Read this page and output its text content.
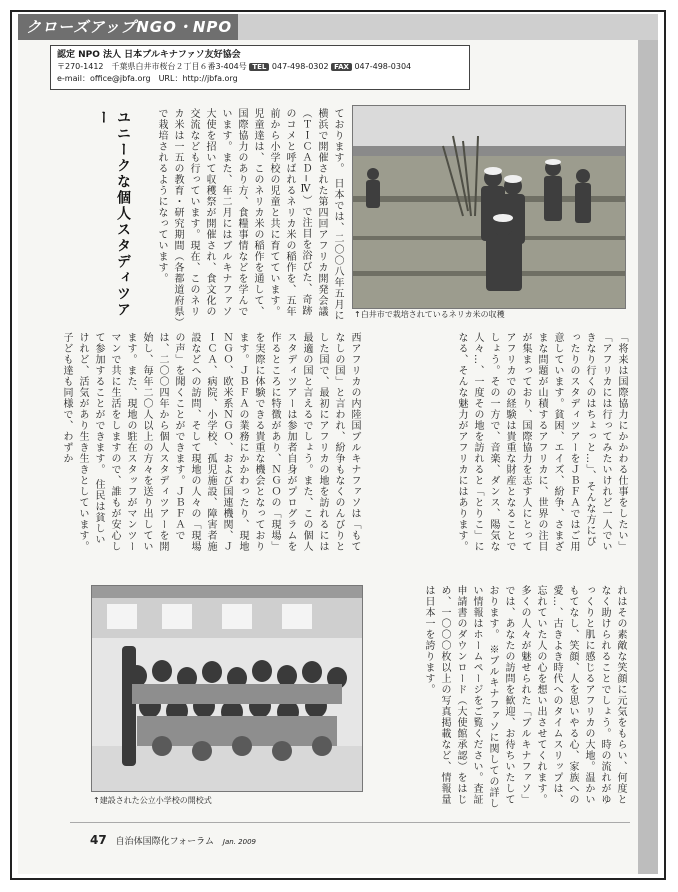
クローズアップNGO・NPO
認定 NPO 法人 日本ブルキナファソ友好協会
〒270-1412　千葉県白井市桜台２丁目６番3-404号 TEL 047-498-0302 FAX 047-498-0304
e-mail：office@jbfa.org　URL：http://jbfa.org
↑白井市で栽培されているネリカ米の収穫
ております。 日本では、二〇〇八年五月に横浜で開催された第四回アフリカ開発会議（ＴＩＣＡＤ−Ⅳ）で注目を浴びた、奇跡のコメと呼ばれるネリカ米の稲作を、五年前から小学校の児童と共に育てています。児童達は、このネリカ米の稲作を通して、国際協力のあり方、食糧事情などを学んでいます。また、年二月にはブルキナファソ大使を招いて収穫祭が開催され、食文化の交流なども行っています。現在、このネリカ米は一五の教育・研究期間（各都道府県）で栽培されるようになっています。
ユニークな個人スタディツアー
「将来は国際協力にかかわる仕事をしたい」「アフリカには行ってみたいけれど一人でいきなり行くのはちょっと…」、そんな方にぴったりのスタディツアーをＪＢＦＡではご用意しています。貧困、エイズ、紛争、さまざまな問題が山積するアフリカに、世界の注目が集まっており、国際協力を志す人にとってアフリカでの経験は貴重な財産となることでしょう。その一方で、音楽、ダンス、陽気な人々…、一度その地を訪れると「とりこ」になる、そんな魅力がアフリカにはあります。
西アフリカの内陸国ブルキナファソは「もてなしの国」と言われ、紛争もなくのんびりとした国で、最初にアフリカの地を訪れるには最適の国と言えるでしょう。また、この個人スタディツアーは参加者自身がプログラムを作るところに特徴があり、ＮＧＯの「現場」を実際に体験できる貴重な機会となっております。ＪＢＦＡの業務にかかわったり、現地ＮＧＯ、欧米系ＮＧＯ、および国連機関、ＪＩＣＡ、病院、小学校、孤児施設、障害者施設などへの訪問、そして現地の人々の「現場の声」を聞くことができます。ＪＢＦＡでは、二〇〇四年から個人スタディツアーを開始し、毎年二〇人以上の方々を送り出しています。また、現地の駐在スタッフがマンツーマンで共に生活をしますので、誰もが安心して参加することができます。 住民は貧しいけれど、活気があり生き生きとしています。子ども達も同様で、わずか
↑建設された公立小学校の開校式	れはその素敵な笑顔に元気をもらい、何度となく助けられることでしょう。時の流れがゆっくりと肌に感じるアフリカの大地。温かいもてなし、笑顔、人を思いやる心、家族への愛…、古きよき時代へのタイムスリップは、忘れていた人の心を想い出させてくれます。 多くの人々が魅せられた「ブルキナファソ」では、あなたの訪問を歓迎、お待ちいたしております。 ※ブルキナファソに関しての詳しい情報はホームページをご覧ください。査証申請書のダウンロード（大使館承認）をはじめ、一〇〇〇枚以上の写真掲載など、情報量は日本一を誇ります。
47 自治体国際化フォーラム Jan. 2009
